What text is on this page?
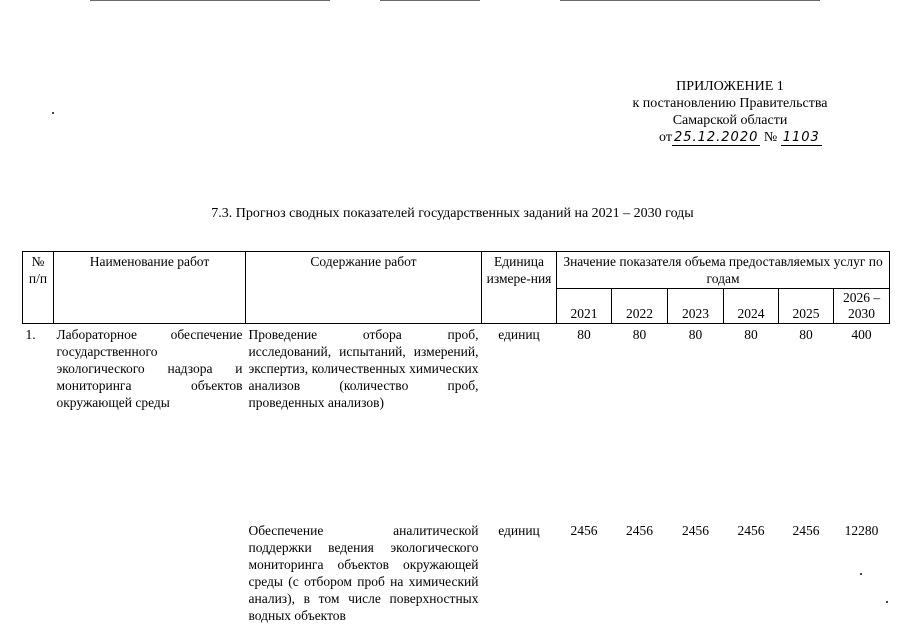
ПРИЛОЖЕНИЕ 1
к постановлению Правительства
Самарской области
от 25.12.2020 № 1103
7.3. Прогноз сводных показателей государственных заданий на 2021 – 2030 годы
№ п/п	Наименование работ	Содержание работ	Единица измере-ния	Значение показателя объема предоставляемых услуг по годам					
				2021	2022	2023	2024	2025	2026 – 2030
1.	Лабораторное обеспечение государственного экологического надзора и мониторинга объектов окружающей среды	Проведение отбора проб, исследований, испытаний, измерений, экспертиз, количественных химических анализов (количество проб, проведенных анализов)	единиц	80	80	80	80	80	400
		Обеспечение аналитической поддержки ведения экологического мониторинга объектов окружающей среды (с отбором проб на химический анализ), в том числе поверхностных водных объектов	единиц	2456	2456	2456	2456	2456	12280
